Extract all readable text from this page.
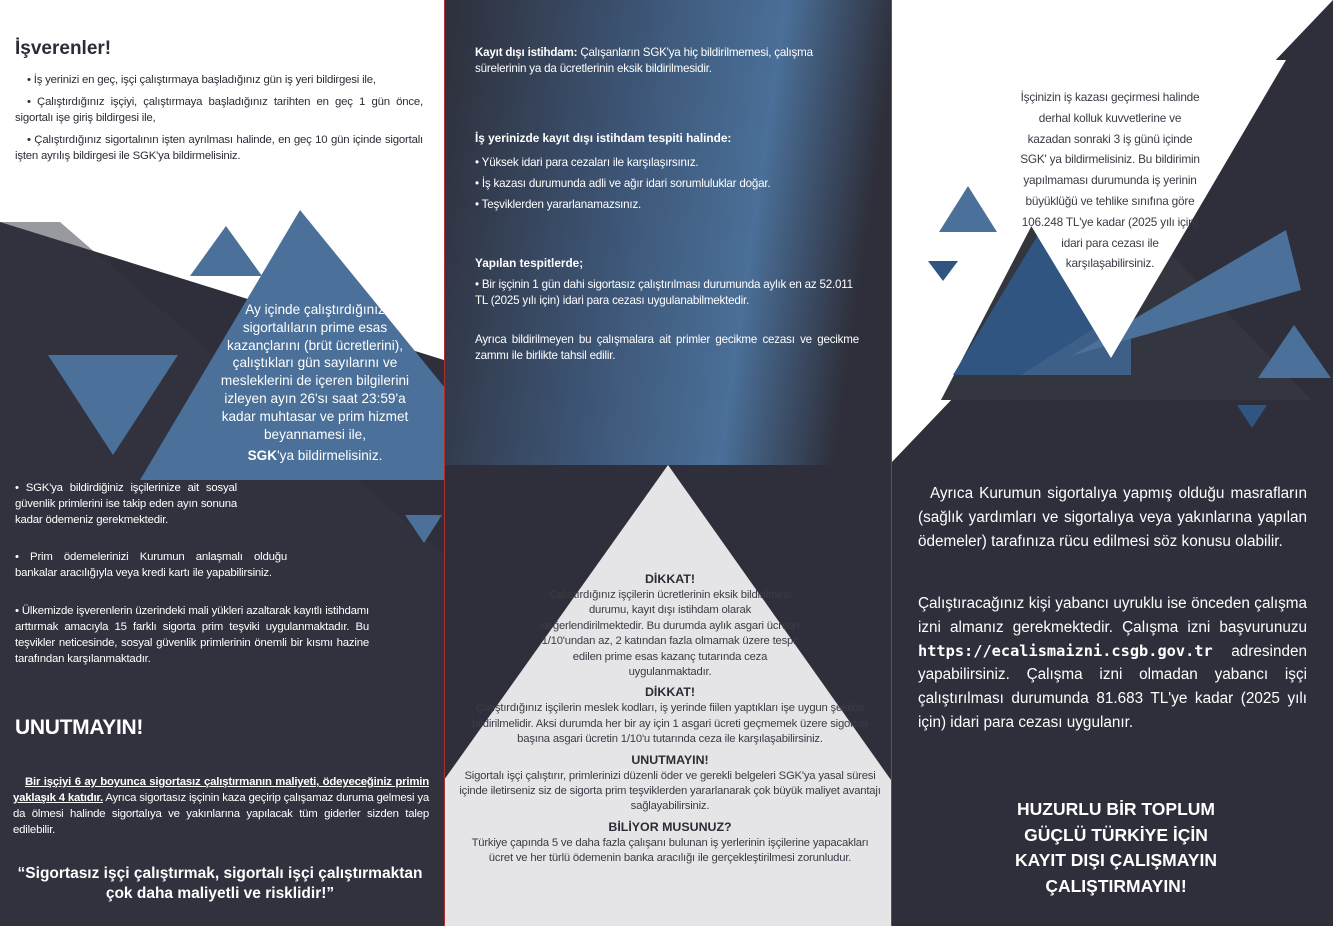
İşverenler!
• İş yerinizi en geç, işçi çalıştırmaya başladığınız gün iş yeri bildirgesi ile,
• Çalıştırdığınız işçiyi, çalıştırmaya başladığınız tarihten en geç 1 gün önce, sigortalı işe giriş bildirgesi ile,
• Çalıştırdığınız sigortalının işten ayrılması halinde, en geç 10 gün içinde sigortalı işten ayrılış bildirgesi ile SGK'ya bildirmelisiniz.
Ay içinde çalıştırdığınız sigortalıların prime esas kazançlarını (brüt ücretlerini), çalıştıkları gün sayılarını ve mesleklerini de içeren bilgilerini izleyen ayın 26'sı saat 23:59'a kadar muhtasar ve prim hizmet beyannamesi ile,
SGK'ya bildirmelisiniz.
• SGK'ya bildirdiğiniz işçilerinize ait sosyal güvenlik primlerini ise takip eden ayın sonuna kadar ödemeniz gerekmektedir.
• Prim ödemelerinizi Kurumun anlaşmalı olduğu bankalar aracılığıyla veya kredi kartı ile yapabilirsiniz.
• Ülkemizde işverenlerin üzerindeki mali yükleri azaltarak kayıtlı istihdamı arttırmak amacıyla 15 farklı sigorta prim teşviki uygulanmaktadır. Bu teşvikler neticesinde, sosyal güvenlik primlerinin önemli bir kısmı hazine tarafından karşılanmaktadır.
UNUTMAYIN!
Bir işçiyi 6 ay boyunca sigortasız çalıştırmanın maliyeti, ödeyeceğiniz primin yaklaşık 4 katıdır. Ayrıca sigortasız işçinin kaza geçirip çalışamaz duruma gelmesi ya da ölmesi halinde sigortalıya ve yakınlarına yapılacak tüm giderler sizden talep edilebilir.
“Sigortasız işçi çalıştırmak, sigortalı işçi çalıştırmaktan çok daha maliyetli ve risklidir!”
Kayıt dışı istihdam: Çalışanların SGK'ya hiç bildirilmemesi, çalışma sürelerinin ya da ücretlerinin eksik bildirilmesidir.
İş yerinizde kayıt dışı istihdam tespiti halinde:
• Yüksek idari para cezaları ile karşılaşırsınız.
• İş kazası durumunda adli ve ağır idari sorumluluklar doğar.
• Teşviklerden yararlanamazsınız.
Yapılan tespitlerde;
• Bir işçinin 1 gün dahi sigortasız çalıştırılması durumunda aylık en az 52.011 TL (2025 yılı için) idari para cezası uygulanabilmektedir.
Ayrıca bildirilmeyen bu çalışmalara ait primler gecikme cezası ve gecikme zammı ile birlikte tahsil edilir.
DİKKAT!
Çalıştırdığınız işçilerin ücretlerinin eksik bildirilmesi durumu, kayıt dışı istihdam olarak değerlendirilmektedir. Bu durumda aylık asgari ücretin 1/10'undan az, 2 katından fazla olmamak üzere tespit edilen prime esas kazanç tutarında ceza uygulanmaktadır.
DİKKAT!
Çalıştırdığınız işçilerin meslek kodları, iş yerinde fiilen yaptıkları işe uygun şekilde bildirilmelidir. Aksi durumda her bir ay için 1 asgari ücreti geçmemek üzere sigortalı başına asgari ücretin 1/10'u tutarında ceza ile karşılaşabilirsiniz.
UNUTMAYIN!
Sigortalı işçi çalıştırır, primlerinizi düzenli öder ve gerekli belgeleri SGK'ya yasal süresi içinde iletirseniz siz de sigorta prim teşviklerden yararlanarak çok büyük maliyet avantajı sağlayabilirsiniz.
BİLİYOR MUSUNUZ?
Türkiye çapında 5 ve daha fazla çalışanı bulunan iş yerlerinin işçilerine yapacakları ücret ve her türlü ödemenin banka aracılığı ile gerçekleştirilmesi zorunludur.
İşçinizin iş kazası geçirmesi halinde derhal kolluk kuvvetlerine ve kazadan sonraki 3 iş günü içinde SGK' ya bildirmelisiniz. Bu bildirimin yapılmaması durumunda iş yerinin büyüklüğü ve tehlike sınıfına göre 106.248 TL'ye kadar (2025 yılı için) idari para cezası ile karşılaşabilirsiniz.
Ayrıca Kurumun sigortalıya yapmış olduğu masrafların (sağlık yardımları ve sigortalıya veya yakınlarına yapılan ödemeler) tarafınıza rücu edilmesi söz konusu olabilir.
Çalıştıracağınız kişi yabancı uyruklu ise önceden çalışma izni almanız gerekmektedir. Çalışma izni başvurunuzu https://ecalismaizni.csgb.gov.tr adresinden yapabilirsiniz. Çalışma izni olmadan yabancı işçi çalıştırılması durumunda 81.683 TL'ye kadar (2025 yılı için) idari para cezası uygulanır.
HUZURLU BİR TOPLUM
GÜÇLÜ TÜRKİYE İÇİN
KAYIT DIŞI ÇALIŞMAYIN
ÇALIŞTIRMAYIN!
